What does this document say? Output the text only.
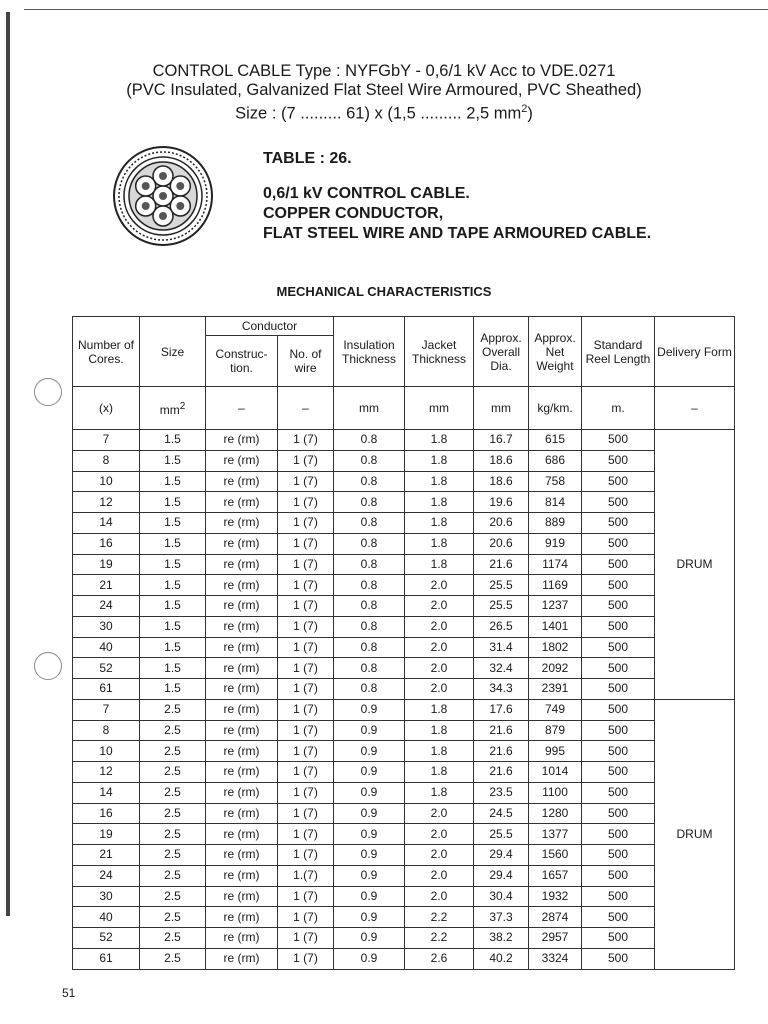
CONTROL CABLE Type : NYFGbY - 0,6/1 kV Acc to VDE.0271
(PVC Insulated, Galvanized Flat Steel Wire Armoured, PVC Sheathed)
Size : (7 ......... 61) x (1,5 ......... 2,5 $mm^2$)
TABLE : 26.
0,6/1 kV CONTROL CABLE.
COPPER CONDUCTOR,
FLAT STEEL WIRE AND TAPE ARMOURED CABLE.
MECHANICAL CHARACTERISTICS
Number of Cores.	Size	Conductor		Insulation Thickness	Jacket Thickness	Approx. Overall Dia.	Approx. Net Weight	Standard Reel Length	Delivery Form
		Construc- tion.	No. of wire						
(x)	$mm^2$	–	–	mm	mm	mm	kg/km.	m.	–
7	1.5	re (rm)	1 (7)	0.8	1.8	16.7	615	500	DRUM
8	1.5	re (rm)	1 (7)	0.8	1.8	18.6	686	500	
10	1.5	re (rm)	1 (7)	0.8	1.8	18.6	758	500	
12	1.5	re (rm)	1 (7)	0.8	1.8	19.6	814	500	
14	1.5	re (rm)	1 (7)	0.8	1.8	20.6	889	500	
16	1.5	re (rm)	1 (7)	0.8	1.8	20.6	919	500	
19	1.5	re (rm)	1 (7)	0.8	1.8	21.6	1174	500	
21	1.5	re (rm)	1 (7)	0.8	2.0	25.5	1169	500	
24	1.5	re (rm)	1 (7)	0.8	2.0	25.5	1237	500	
30	1.5	re (rm)	1 (7)	0.8	2.0	26.5	1401	500	
40	1.5	re (rm)	1 (7)	0.8	2.0	31.4	1802	500	
52	1.5	re (rm)	1 (7)	0.8	2.0	32.4	2092	500	
61	1.5	re (rm)	1 (7)	0.8	2.0	34.3	2391	500	
7	2.5	re (rm)	1 (7)	0.9	1.8	17.6	749	500	DRUM
8	2.5	re (rm)	1 (7)	0.9	1.8	21.6	879	500	
10	2.5	re (rm)	1 (7)	0.9	1.8	21.6	995	500	
12	2.5	re (rm)	1 (7)	0.9	1.8	21.6	1014	500	
14	2.5	re (rm)	1 (7)	0.9	1.8	23.5	1100	500	
16	2.5	re (rm)	1 (7)	0.9	2.0	24.5	1280	500	
19	2.5	re (rm)	1 (7)	0.9	2.0	25.5	1377	500	
21	2.5	re (rm)	1 (7)	0.9	2.0	29.4	1560	500	
24	2.5	re (rm)	1.(7)	0.9	2.0	29.4	1657	500	
30	2.5	re (rm)	1 (7)	0.9	2.0	30.4	1932	500	
40	2.5	re (rm)	1 (7)	0.9	2.2	37.3	2874	500	
52	2.5	re (rm)	1 (7)	0.9	2.2	38.2	2957	500	
61	2.5	re (rm)	1 (7)	0.9	2.6	40.2	3324	500	
51
